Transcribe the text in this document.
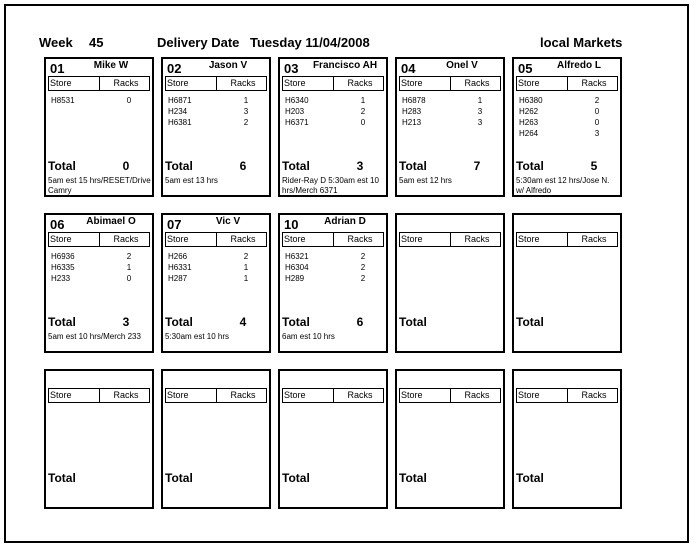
Week 45	Delivery Date Tuesday 11/04/2008	local Markets
01	Mike W
Store	Racks
H8531	0
Total	0
5am est 15 hrs/RESET/Drive Camry
02	Jason V
Store	Racks
H6871	1
H234	3
H6381	2
Total	6
5am est 13 hrs
03	Francisco AH
Store	Racks
H6340	1
H203	2
H6371	0
Total	3
Rider-Ray D 5:30am est 10 hrs/Merch 6371
04	Onel V
Store	Racks
H6878	1
H283	3
H213	3
Total	7
5am est 12 hrs
05	Alfredo L
Store	Racks
H6380	2
H262	0
H263	0
H264	3
Total	5
5:30am est 12 hrs/Jose N. w/ Alfredo
06	Abimael O
Store	Racks
H6936	2
H6335	1
H233	0
Total	3
5am est 10 hrs/Merch 233
07	Vic V
Store	Racks
H266	2
H6331	1
H287	1
Total	4
5:30am est 10 hrs
10	Adrian D
Store	Racks
H6321	2
H6304	2
H289	2
Total	6
6am est 10 hrs
Store	Racks
Total
Store	Racks
Total
Store	Racks
Total
Store	Racks
Total
Store	Racks
Total
Store	Racks
Total
Store	Racks
Total
